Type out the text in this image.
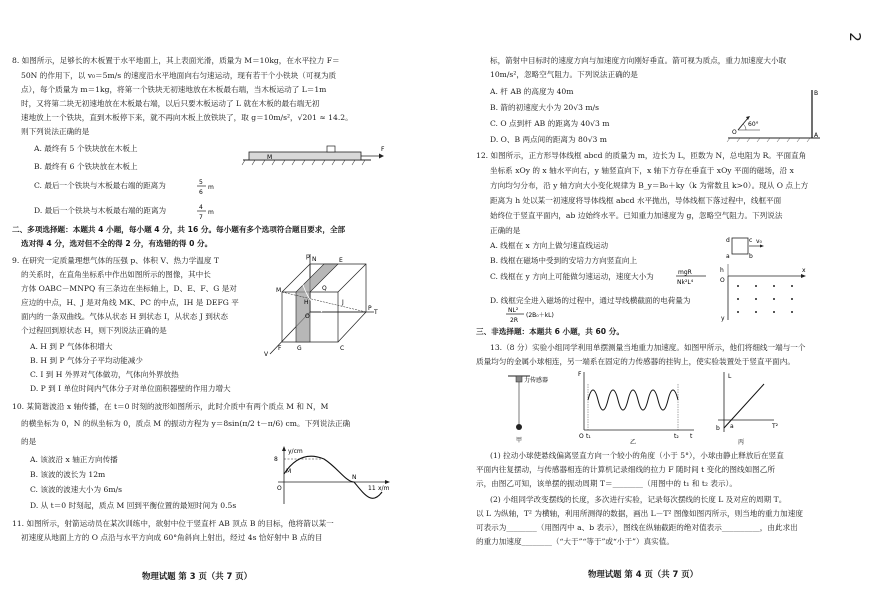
2
8. 如图所示，足够长的木板置于水平地面上，其上表面光滑，质量为 M＝10kg，在水平拉力 F＝
50N 的作用下，以 v₀＝5m/s 的速度沿水平地面向右匀速运动，现有若干个小铁块（可视为质
点），每个质量为 m＝1kg，将第一个铁块无初速地放在木板最右端，当木板运动了 L＝1m
时，又将第二块无初速地放在木板最右端，以后只要木板运动了 L 就在木板的最右端无初
速地放上一个铁块，直到木板停下来，就不再向木板上放铁块了，取 g＝10m/s²，√201 ≈ 14.2。
则下列说法正确的是
A. 最终有 5 个铁块放在木板上
B. 最终有 6 个铁块放在木板上
C. 最后一个铁块与木板最右端的距离为
D. 最后一个铁块与木板最右端的距离为
5
6
m
4
7
m
M
F
二、多项选择题：本题共 4 小题，每小题 4 分，共 16 分。每小题有多个选项符合题目要求，全部
选对得 4 分，选对但不全的得 2 分，有选错的得 0 分。
9. 在研究一定质量理想气体的压强 p、体积 V、热力学温度 T
的关系时，在直角坐标系中作出如图所示的图像，其中长
方体 OABC－MNPQ 有三条边在坐标轴上，D、E、F、G 是对
应边的中点，H、J 是对角线 MK、PC 的中点，IH 是 DEFG 平
面内的一条双曲线。气体从状态 H 到状态 I，从状态 J 到状态
个过程回到原状态 H，则下列说法正确的是
A. H 到 P 气体体积增大
B. H 到 P 气体分子平均动能减少
C. I 到 H 外界对气体做功，气体向外界放热
D. P 到 I 单位时间内气体分子对单位面积器壁的作用力增大
p
T
V
N	E
M	Q
P
C
F	G
O
H	J
10. 某简谐波沿 x 轴传播，在 t＝0 时刻的波形如图所示，此时介质中有两个质点 M 和 N，M
的横坐标为 0，N 的纵坐标为 0，质点 M 的振动方程为 y＝8sin(π/2 t－π/6) cm。下列说法正确
的是
A. 该波沿 x 轴正方向传播
B. 该波的波长为 12m
C. 该波的波速大小为 6m/s
D. 从 t＝0 时刻起，质点 M 回到平衡位置的最短时间为 0.5s
y/cm
8
11 x/m
N
M
O
11. 如图所示，射箭运动员在某次训练中，欲射中位于竖直杆 AB 顶点 B 的目标，他将箭以某一
初速度从地面上方的 O 点沿与水平方向成 60°角斜向上射出，经过 4s 恰好射中 B 点的目
物理试题 第 3 页（共 7 页）
标，箭射中目标时的速度方向与加速度方向刚好垂直。箭可视为质点，重力加速度大小取
10m/s²，忽略空气阻力。下列说法正确的是
A. 杆 AB 的高度为 40m
B. 箭的初速度大小为 20√3 m/s
C. O 点到杆 AB 的距离为 40√3 m
D. O、B 两点间的距离为 80√3 m
B
A
60°
O
12. 如图所示，正方形导体线框 abcd 的质量为 m，边长为 L，匝数为 N，总电阻为 R。平面直角
坐标系 xOy 的 x 轴水平向右，y 轴竖直向下，x 轴下方存在垂直于 xOy 平面的磁场，沿 x
方向均匀分布，沿 y 轴方向大小变化规律为 B_y＝B₀＋ky（k 为常数且 k>0）。现从 O 点上方
距离为 h 处以某一初速度将导体线框 abcd 水平抛出，导体线框下落过程中，线框平面
始终位于竖直平面内，ab 边始终水平。已知重力加速度为 g，忽略空气阻力。下列说法
正确的是
A. 线框在 x 方向上做匀速直线运动
B. 线框在磁场中受到的安培力方向竖直向上
C. 线框在 y 方向上可能做匀速运动，速度大小为
D. 线框完全进入磁场的过程中，通过导线横截面的电荷量为
mgR
Nk²L⁴
NL²
2R
(2B₀＋kL)
d	c
a	b
v₀
h	x
O
y
三、非选择题：本题共 6 小题，共 60 分。
13.（8 分）实验小组同学利用单摆测量当地重力加速度。如图甲所示，他们将细线一端与一个
质量均匀的金属小球相连，另一端系在固定的力传感器的挂钩上，使实验装置处于竖直平面内。
力传感器
甲
F
O	t
t₁	t₂
乙
L
T²
b a
丙
(1) 拉动小球使悬线偏离竖直方向一个较小的角度（小于 5°），小球由静止释放后在竖直
平面内往复摆动，与传感器相连的计算机记录细线的拉力 F 随时间 t 变化的图线如图乙所
示，由图乙可知，该单摆的振动周期 T＝________（用图中的 t₁ 和 t₂ 表示）。
(2) 小组同学改变摆线的长度，多次进行实验，记录每次摆线的长度 L 及对应的周期 T。
以 L 为纵轴，T² 为横轴，利用所测得的数据，画出 L－T² 图像如图丙所示，则当地的重力加速度
可表示为________（用图丙中 a、b 表示），图线在纵轴截距的绝对值表示__________，由此求出
的重力加速度________（“大于”“等于”或“小于”）真实值。
物理试题 第 4 页（共 7 页）
